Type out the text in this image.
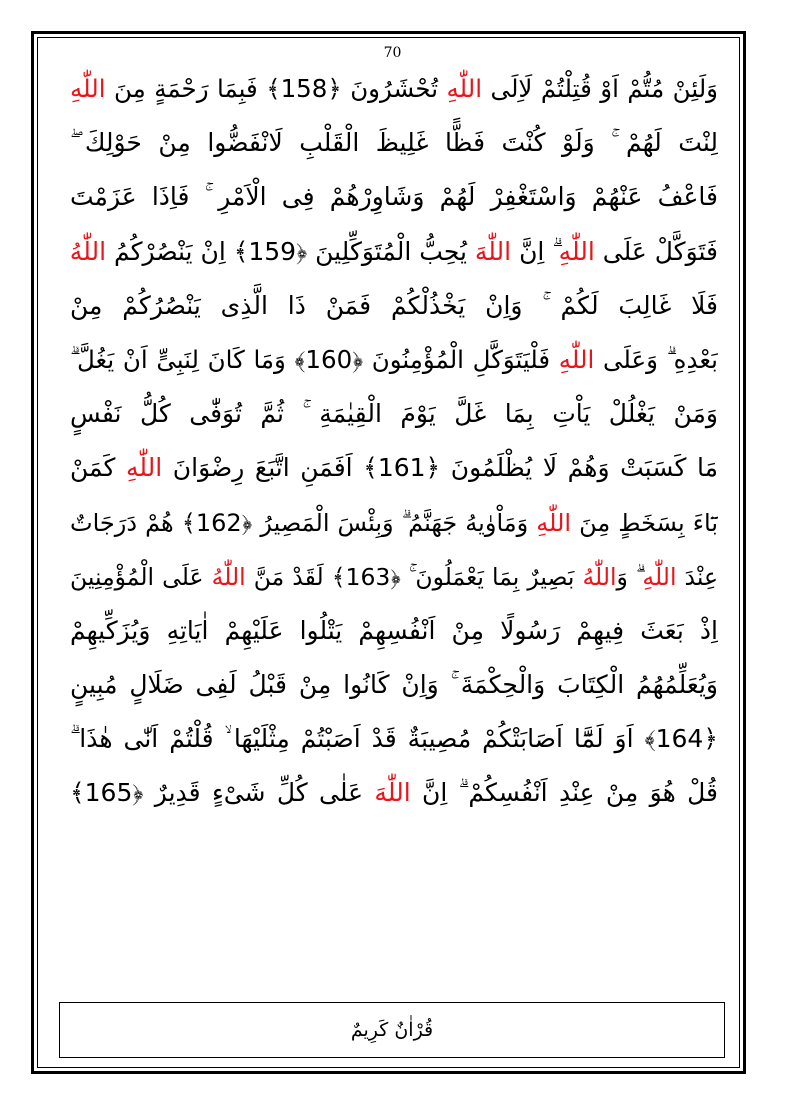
70
وَلَئِنْ مُتُّمْ اَوْ قُتِلْتُمْ لَاِلَى اللّٰهِ تُحْشَرُونَ ﴿158﴾ فَبِمَا رَحْمَةٍ مِنَ اللّٰهِ
لِنْتَ لَهُمْ ۚ وَلَوْ كُنْتَ فَظًّا غَلِيظَ الْقَلْبِ لَانْفَضُّوا مِنْ حَوْلِكَ ۖ
فَاعْفُ عَنْهُمْ وَاسْتَغْفِرْ لَهُمْ وَشَاوِرْهُمْ فِى الْاَمْرِ ۚ فَاِذَا عَزَمْتَ
فَتَوَكَّلْ عَلَى اللّٰهِ ۗ اِنَّ اللّٰهَ يُحِبُّ الْمُتَوَكِّلِينَ ﴿159﴾ اِنْ يَنْصُرْكُمُ اللّٰهُ
فَلَا غَالِبَ لَكُمْ ۚ وَاِنْ يَخْذُلْكُمْ فَمَنْ ذَا الَّذِى يَنْصُرُكُمْ مِنْ
بَعْدِهِ ۗ وَعَلَى اللّٰهِ فَلْيَتَوَكَّلِ الْمُؤْمِنُونَ ﴿160﴾ وَمَا كَانَ لِنَبِىٍّ اَنْ يَغُلَّ ۗ
وَمَنْ يَغْلُلْ يَاْتِ بِمَا غَلَّ يَوْمَ الْقِيٰمَةِ ۚ ثُمَّ تُوَفّٰى كُلُّ نَفْسٍ
مَا كَسَبَتْ وَهُمْ لَا يُظْلَمُونَ ﴿161﴾ اَفَمَنِ اتَّبَعَ رِضْوَانَ اللّٰهِ كَمَنْ
بَٓاءَ بِسَخَطٍ مِنَ اللّٰهِ وَمَاْوٰيهُ جَهَنَّمُ ۗ وَبِئْسَ الْمَصِيرُ ﴿162﴾ هُمْ دَرَجَاتٌ
عِنْدَ اللّٰهِ ۗ وَاللّٰهُ بَصِيرٌ بِمَا يَعْمَلُونَ ۚ ﴿163﴾ لَقَدْ مَنَّ اللّٰهُ عَلَى الْمُؤْمِنِينَ
اِذْ بَعَثَ فِيهِمْ رَسُولًا مِنْ اَنْفُسِهِمْ يَتْلُوا عَلَيْهِمْ اٰيَاتِهِ وَيُزَكِّيهِمْ
وَيُعَلِّمُهُمُ الْكِتَابَ وَالْحِكْمَةَ ۚ وَاِنْ كَانُوا مِنْ قَبْلُ لَفِى ضَلَالٍ مُبِينٍ
﴿164﴾ اَوَ لَمَّٓا اَصَابَتْكُمْ مُصِيبَةٌ قَدْ اَصَبْتُمْ مِثْلَيْهَا ۙ قُلْتُمْ اَنّٰى هٰذَا ۗ
قُلْ هُوَ مِنْ عِنْدِ اَنْفُسِكُمْ ۗ اِنَّ اللّٰهَ عَلٰى كُلِّ شَىْءٍ قَدِيرٌ ﴿165﴾
قُرْاٰنٌ كَرِيمٌ
